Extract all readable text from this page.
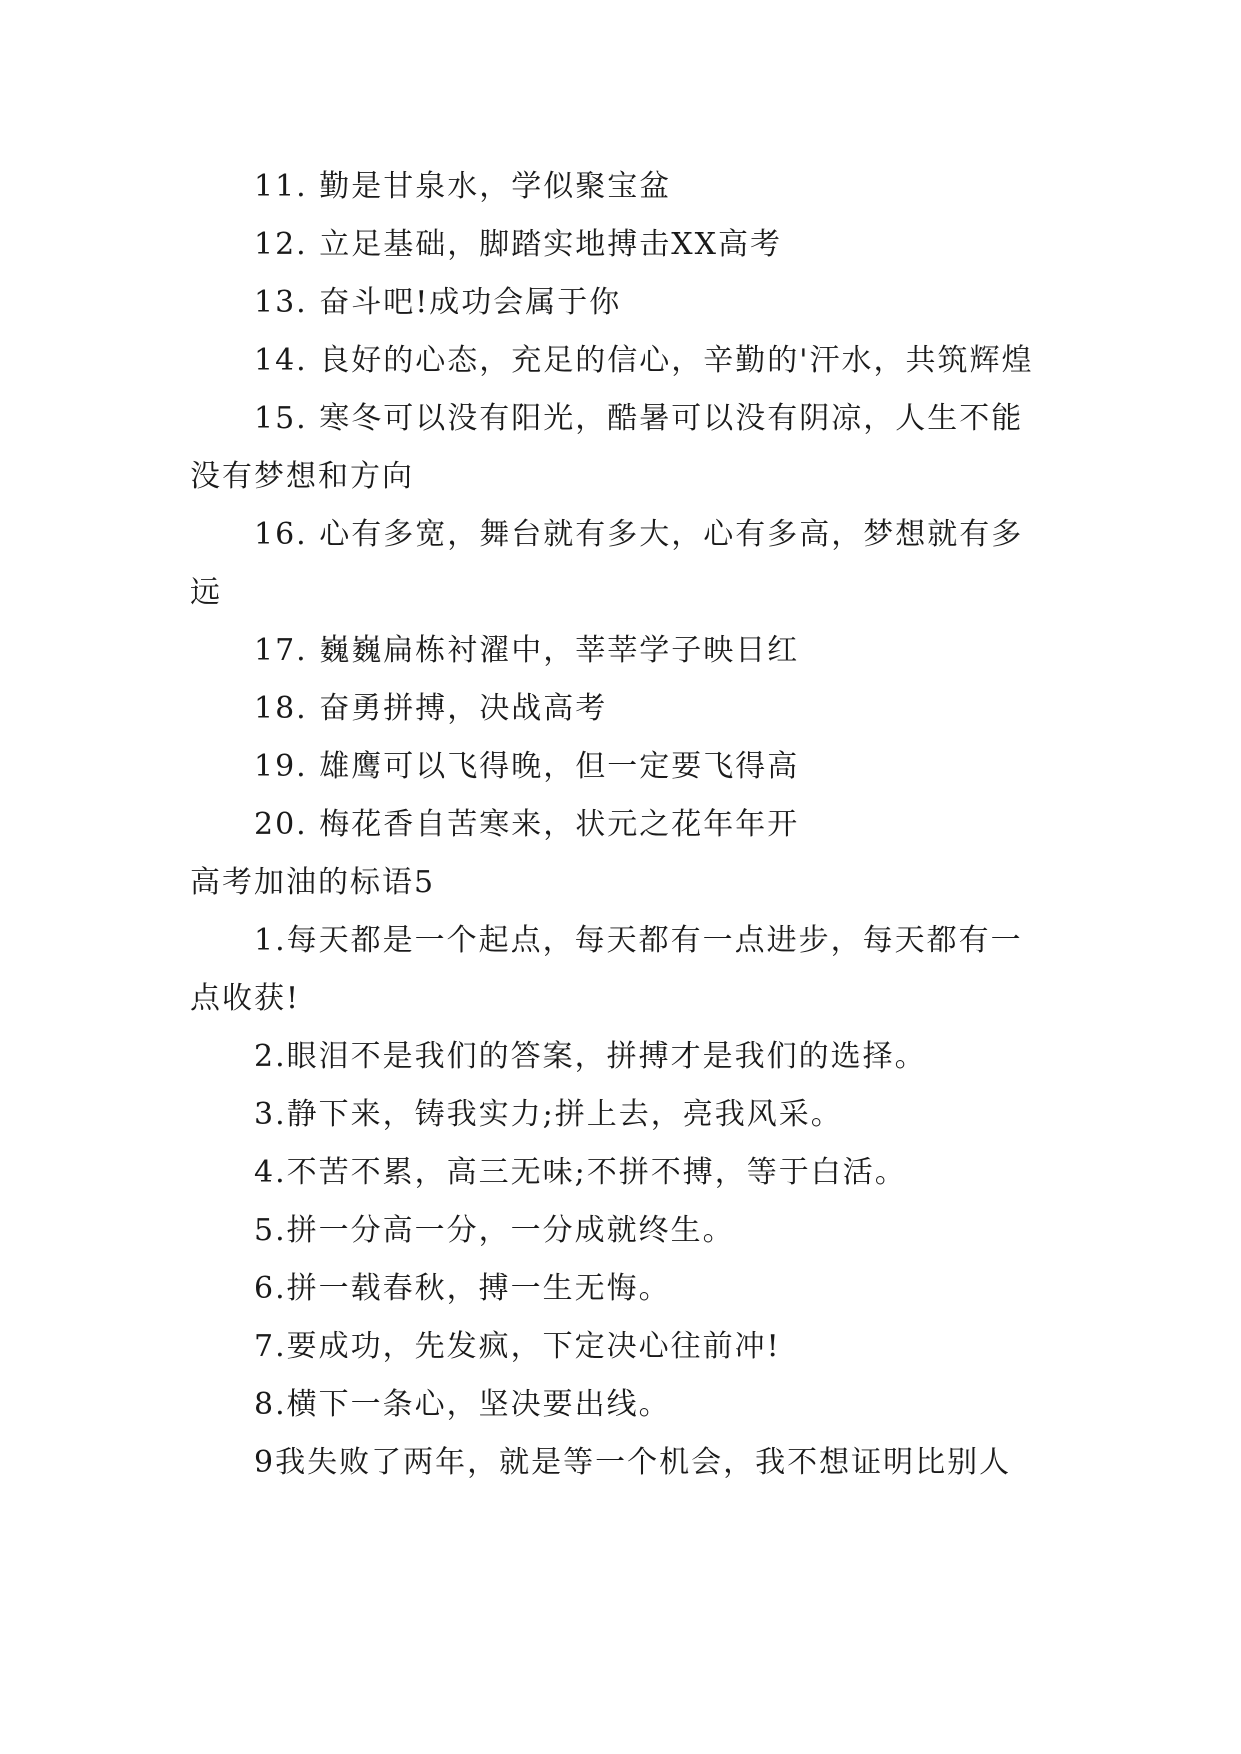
11. 勤是甘泉水，学似聚宝盆

12. 立足基础，脚踏实地搏击XX高考

13. 奋斗吧!成功会属于你

14. 良好的心态，充足的信心，辛勤的'汗水，共筑辉煌

15. 寒冬可以没有阳光，酷暑可以没有阴凉，人生不能没有梦想和方向

16. 心有多宽，舞台就有多大，心有多高，梦想就有多远

17. 巍巍扁栋衬濯中，莘莘学子映日红

18. 奋勇拼搏，决战高考

19. 雄鹰可以飞得晚，但一定要飞得高

20. 梅花香自苦寒来，状元之花年年开

高考加油的标语5

1.每天都是一个起点，每天都有一点进步，每天都有一点收获!

2.眼泪不是我们的答案，拼搏才是我们的选择。

3.静下来，铸我实力;拼上去，亮我风采。

4.不苦不累，高三无味;不拼不搏，等于白活。

5.拼一分高一分，一分成就终生。

6.拼一载春秋，搏一生无悔。

7.要成功，先发疯，下定决心往前冲!

8.横下一条心，坚决要出线。

9我失败了两年，就是等一个机会，我不想证明比别人
